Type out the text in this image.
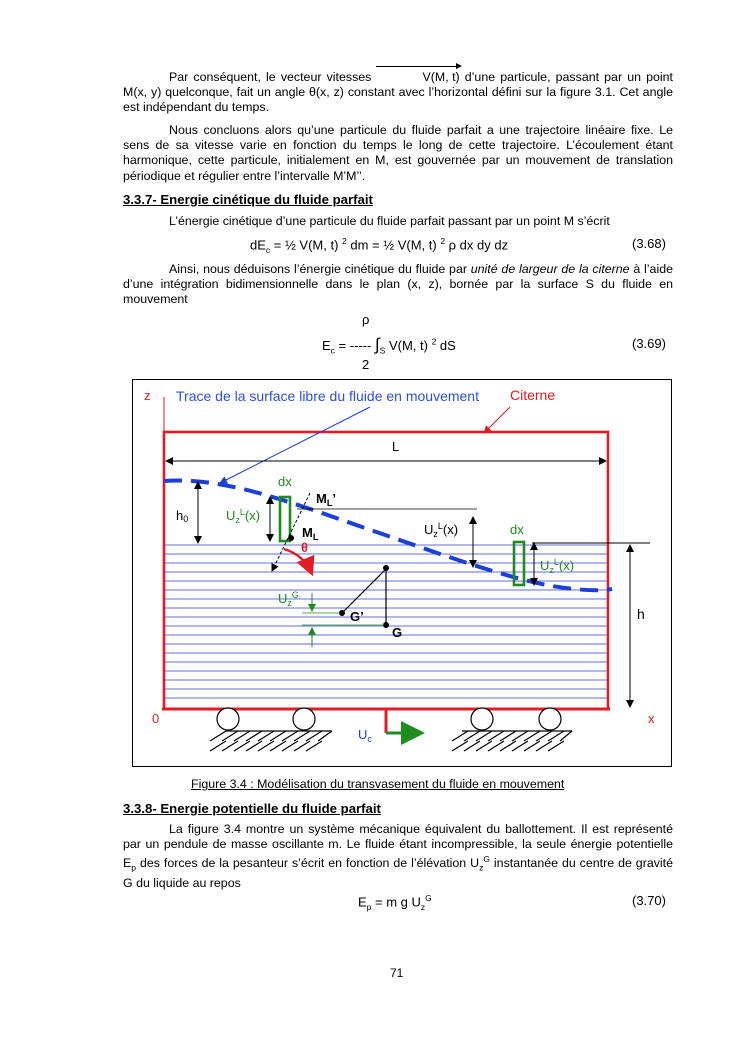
Par conséquent, le vecteur vitesses	V(M, t) d’une particule, passant par un point M(x, y) quelconque, fait un angle θ(x, z) constant avec l’horizontal défini sur la figure 3.1. Cet angle est indépendant du temps.

Nous concluons alors qu’une particule du fluide parfait a une trajectoire linéaire fixe. Le sens de sa vitesse varie en fonction du temps le long de cette trajectoire. L’écoulement étant harmonique, cette particule, initialement en M, est gouvernée par un mouvement de translation périodique et régulier entre l’intervalle M’M’’.

3.3.7- Energie cinétique du fluide parfait

L’énergie cinétique d’une particule du fluide parfait passant par un point M s’écrit

$dE_c$ = ½ V(M, t) $^2$ dm = ½ V(M, t) $^2$ ρ dx dy dz	(3.68)

Ainsi, nous déduisons l’énergie cinétique du fluide par unité de largeur de la citerne à l’aide d’une intégration bidimensionnelle dans le plan (x, z), bornée par la surface S du fluide en mouvement

ρ

$E_c$ = ----- $\int_S$ V(M, t) $^2$ dS

2

(3.69)

z
0	x
Trace de la surface libre du fluide en mouvement Citerne
L
h0
h
dx
$U_z^L(x)$
$U_z^L(x)$	dx
$U_z^L(x)$
$M_L$’
$M_L$
θ
G’
G
$U_z^G$
$U_c$

Figure 3.4 : Modélisation du transvasement du fluide en mouvement

3.3.8- Energie potentielle du fluide parfait

La figure 3.4 montre un système mécanique équivalent du ballottement. Il est représenté par un pendule de masse oscillante m. Le fluide étant incompressible, la seule énergie potentielle $E_p$ des forces de la pesanteur s’écrit en fonction de l’élévation $U_z^G$ instantanée du centre de gravité G du liquide au repos

$E_p = m$ g $U_z^G$	(3.70)

71
